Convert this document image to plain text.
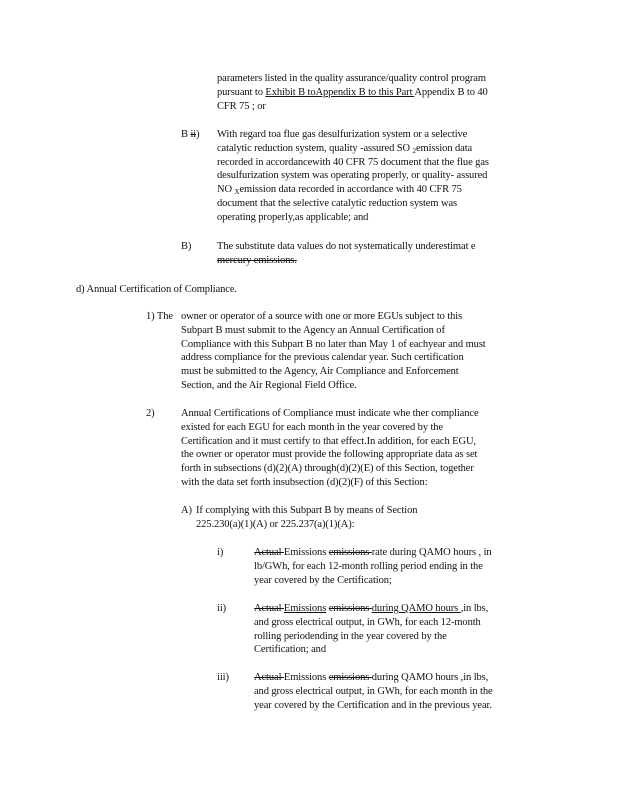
parameters listed in the quality assurance/quality control program
pursuant to Exhibit B toAppendix B to this Part Appendix B to 40
CFR 75 ; or
B ii) With regard toa flue gas desulfurization system or a selective
catalytic reduction system, quality -assured SO $_2$emission data
recorded in accordancewith 40 CFR 75 document that the flue gas
desulfurization system was operating properly, or quality- assured
NO $_X$emission data recorded in accordance with 40 CFR 75
document that the selective catalytic reduction system was
operating properly,as applicable; and
B) The substitute data values do not systematically underestimat e
mercury emissions.
d) Annual Certification of Compliance.
1) The owner or operator of a source with one or more EGUs subject to this
Subpart B must submit to the Agency an Annual Certification of
Compliance with this Subpart B no later than May 1 of eachyear and must
address compliance for the previous calendar year. Such certification
must be submitted to the Agency, Air Compliance and Enforcement
Section, and the Air Regional Field Office.
2)	Annual Certifications of Compliance must indicate whe ther compliance
existed for each EGU for each month in the year covered by the
Certification and it must certify to that effect.In addition, for each EGU,
the owner or operator must provide the following appropriate data as set
forth in subsections (d)(2)(A) through(d)(2)(E) of this Section, together
with the data set forth insubsection (d)(2)(F) of this Section:
A) If complying with this Subpart B by means of Section
225.230(a)(1)(A) or 225.237(a)(1)(A):
i)	Actual Emissions emissions rate during QAMO hours , in
lb/GWh, for each 12-month rolling period ending in the
year covered by the Certification;
ii)	Actual Emissions emissions during QAMO hours ,in lbs,
and gross electrical output, in GWh, for each 12-month
rolling periodending in the year covered by the
Certification; and
iii) Actual Emissions emissions during QAMO hours ,in lbs,
and gross electrical output, in GWh, for each month in the
year covered by the Certification and in the previous year.
